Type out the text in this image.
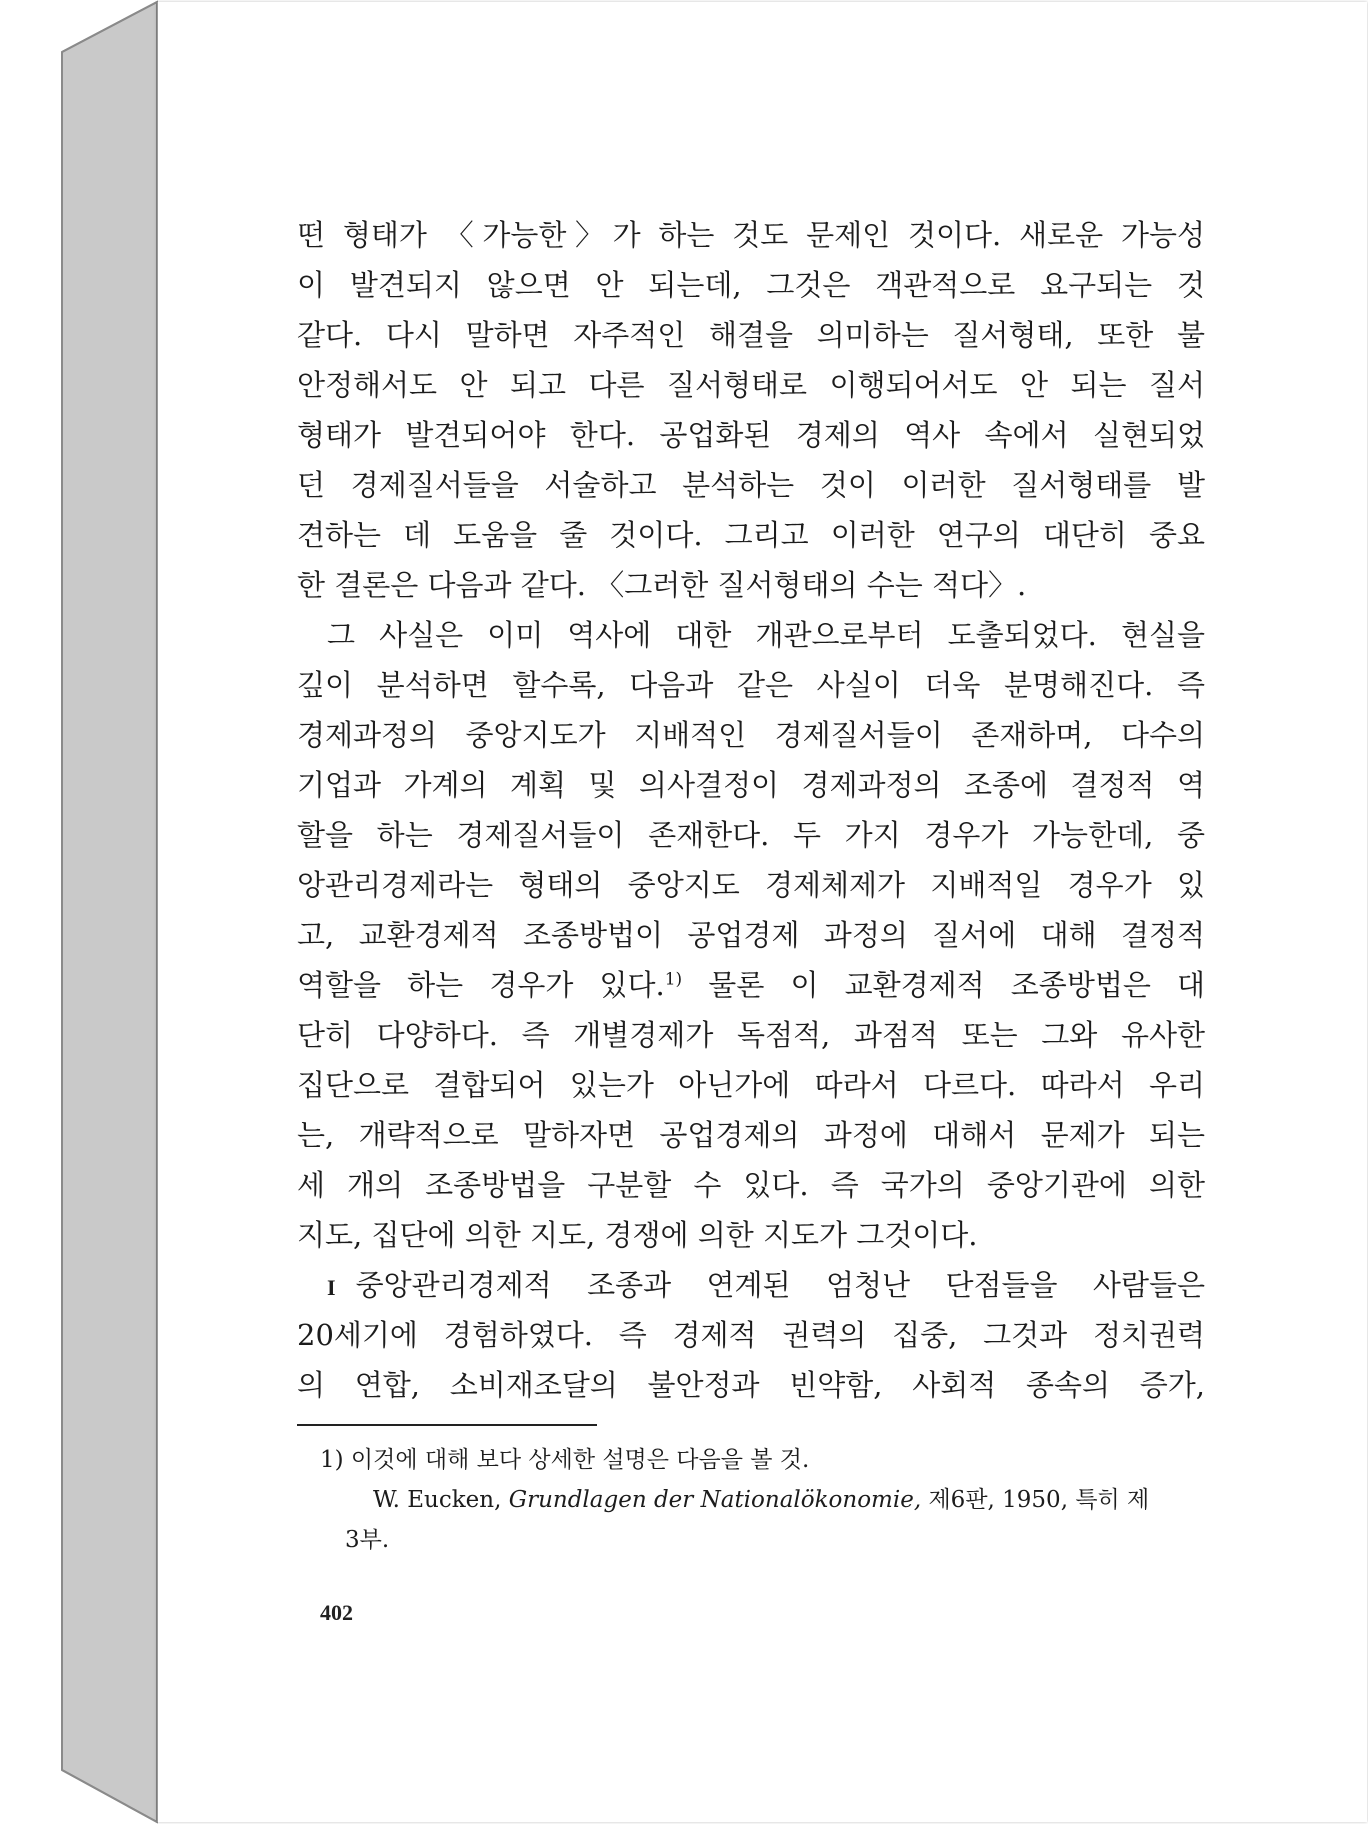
떤 형태가 〈가능한〉가 하는 것도 문제인 것이다. 새로운 가능성
이 발견되지 않으면 안 되는데, 그것은 객관적으로 요구되는 것
같다. 다시 말하면 자주적인 해결을 의미하는 질서형태, 또한 불
안정해서도 안 되고 다른 질서형태로 이행되어서도 안 되는 질서
형태가 발견되어야 한다. 공업화된 경제의 역사 속에서 실현되었
던 경제질서들을 서술하고 분석하는 것이 이러한 질서형태를 발
견하는 데 도움을 줄 것이다. 그리고 이러한 연구의 대단히 중요
한 결론은 다음과 같다. 〈그러한 질서형태의 수는 적다〉.
그 사실은 이미 역사에 대한 개관으로부터 도출되었다. 현실을
깊이 분석하면 할수록, 다음과 같은 사실이 더욱 분명해진다. 즉
경제과정의 중앙지도가 지배적인 경제질서들이 존재하며, 다수의
기업과 가계의 계획 및 의사결정이 경제과정의 조종에 결정적 역
할을 하는 경제질서들이 존재한다. 두 가지 경우가 가능한데, 중
앙관리경제라는 형태의 중앙지도 경제체제가 지배적일 경우가 있
고, 교환경제적 조종방법이 공업경제 과정의 질서에 대해 결정적
역할을 하는 경우가 있다.$^{1)}$ 물론 이 교환경제적 조종방법은 대
단히 다양하다. 즉 개별경제가 독점적, 과점적 또는 그와 유사한
집단으로 결합되어 있는가 아닌가에 따라서 다르다. 따라서 우리
는, 개략적으로 말하자면 공업경제의 과정에 대해서 문제가 되는
세 개의 조종방법을 구분할 수 있다. 즉 국가의 중앙기관에 의한
지도, 집단에 의한 지도, 경쟁에 의한 지도가 그것이다.
I 중앙관리경제적 조종과 연계된 엄청난 단점들을 사람들은
20세기에 경험하였다. 즉 경제적 권력의 집중, 그것과 정치권력
의 연합, 소비재조달의 불안정과 빈약함, 사회적 종속의 증가,
1) 이것에 대해 보다 상세한 설명은 다음을 볼 것.
W. Eucken, Grundlagen der Nationalökonomie, 제6판, 1950, 특히 제
3부.
402
